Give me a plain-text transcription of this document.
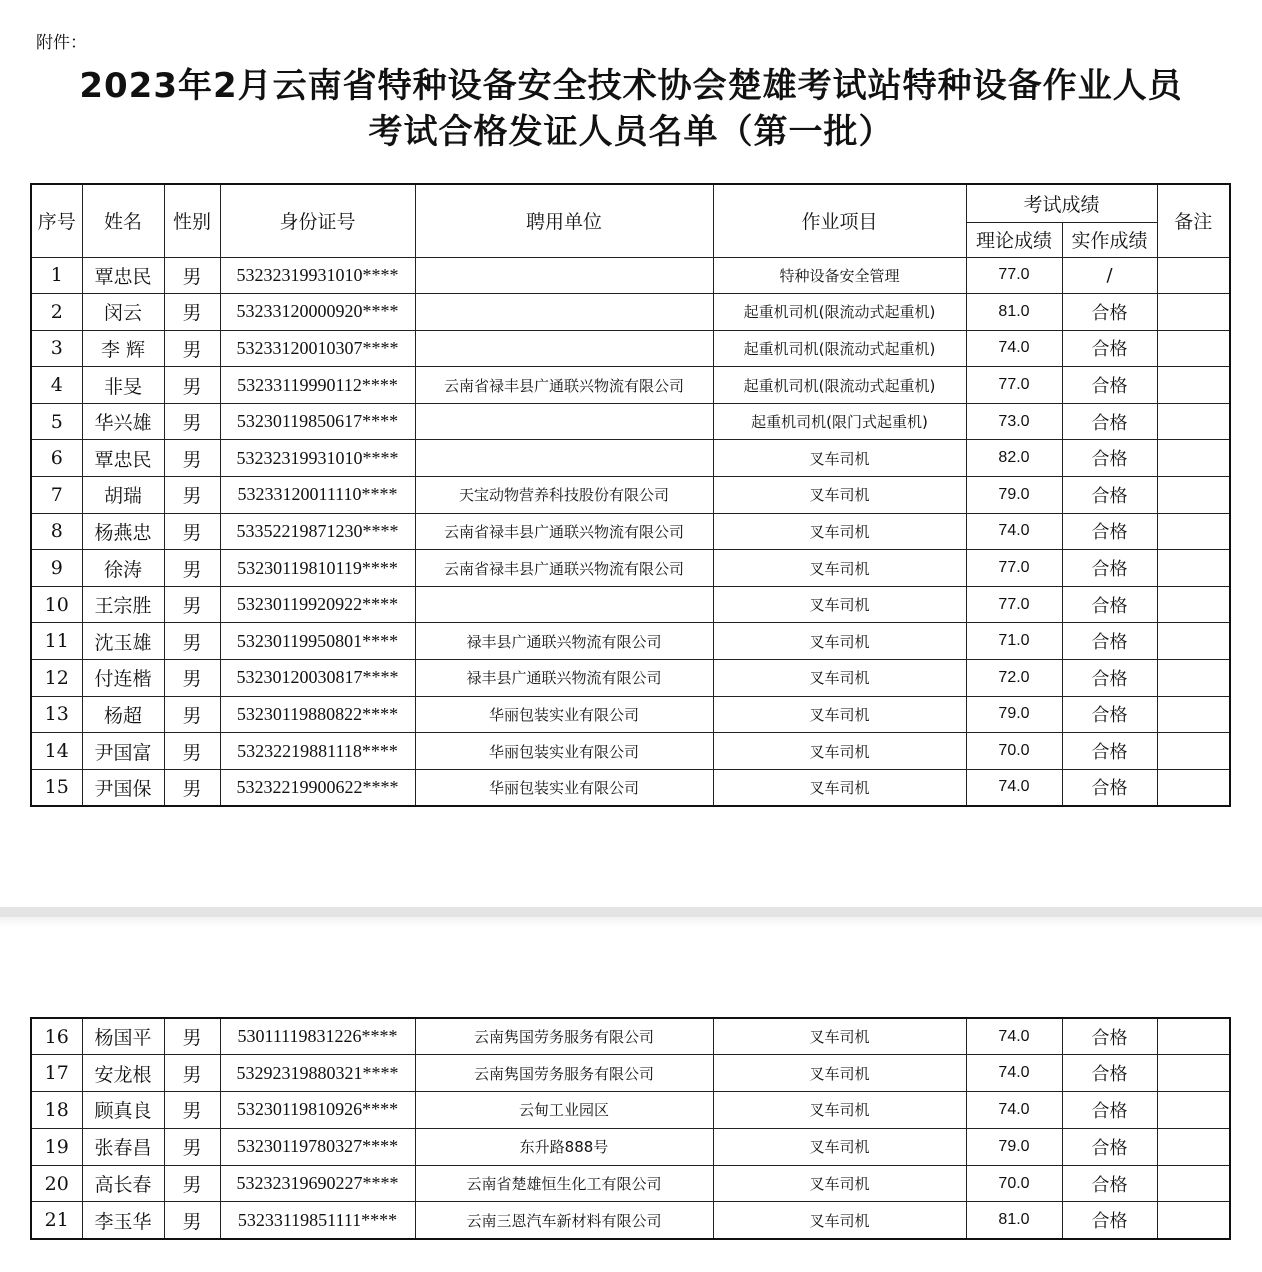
附件：
2023年2月云南省特种设备安全技术协会楚雄考试站特种设备作业人员
考试合格发证人员名单（第一批）
序号	姓名	性别	身份证号	聘用单位	作业项目	考试成绩		备注
						理论成绩	实作成绩	
1	覃忠民	男	53232319931010****		特种设备安全管理	77.0	/	
2	闵云	男	53233120000920****		起重机司机(限流动式起重机)	81.0	合格	
3	李 辉	男	53233120010307****		起重机司机(限流动式起重机)	74.0	合格	
4	非旻	男	53233119990112****	云南省禄丰县广通联兴物流有限公司	起重机司机(限流动式起重机)	77.0	合格	
5	华兴雄	男	53230119850617****		起重机司机(限门式起重机)	73.0	合格	
6	覃忠民	男	53232319931010****		叉车司机	82.0	合格	
7	胡瑞	男	53233120011110****	天宝动物营养科技股份有限公司	叉车司机	79.0	合格	
8	杨燕忠	男	53352219871230****	云南省禄丰县广通联兴物流有限公司	叉车司机	74.0	合格	
9	徐涛	男	53230119810119****	云南省禄丰县广通联兴物流有限公司	叉车司机	77.0	合格	
10	王宗胜	男	53230119920922****		叉车司机	77.0	合格	
11	沈玉雄	男	53230119950801****	禄丰县广通联兴物流有限公司	叉车司机	71.0	合格	
12	付连楷	男	53230120030817****	禄丰县广通联兴物流有限公司	叉车司机	72.0	合格	
13	杨超	男	53230119880822****	华丽包装实业有限公司	叉车司机	79.0	合格	
14	尹国富	男	53232219881118****	华丽包装实业有限公司	叉车司机	70.0	合格	
15	尹国保	男	53232219900622****	华丽包装实业有限公司	叉车司机	74.0	合格	
16	杨国平	男	53011119831226****	云南隽国劳务服务有限公司	叉车司机	74.0	合格	
17	安龙根	男	53292319880321****	云南隽国劳务服务有限公司	叉车司机	74.0	合格	
18	顾真良	男	53230119810926****	云甸工业园区	叉车司机	74.0	合格	
19	张春昌	男	53230119780327****	东升路888号	叉车司机	79.0	合格	
20	高长春	男	53232319690227****	云南省楚雄恒生化工有限公司	叉车司机	70.0	合格	
21	李玉华	男	53233119851111****	云南三恩汽车新材料有限公司	叉车司机	81.0	合格	
